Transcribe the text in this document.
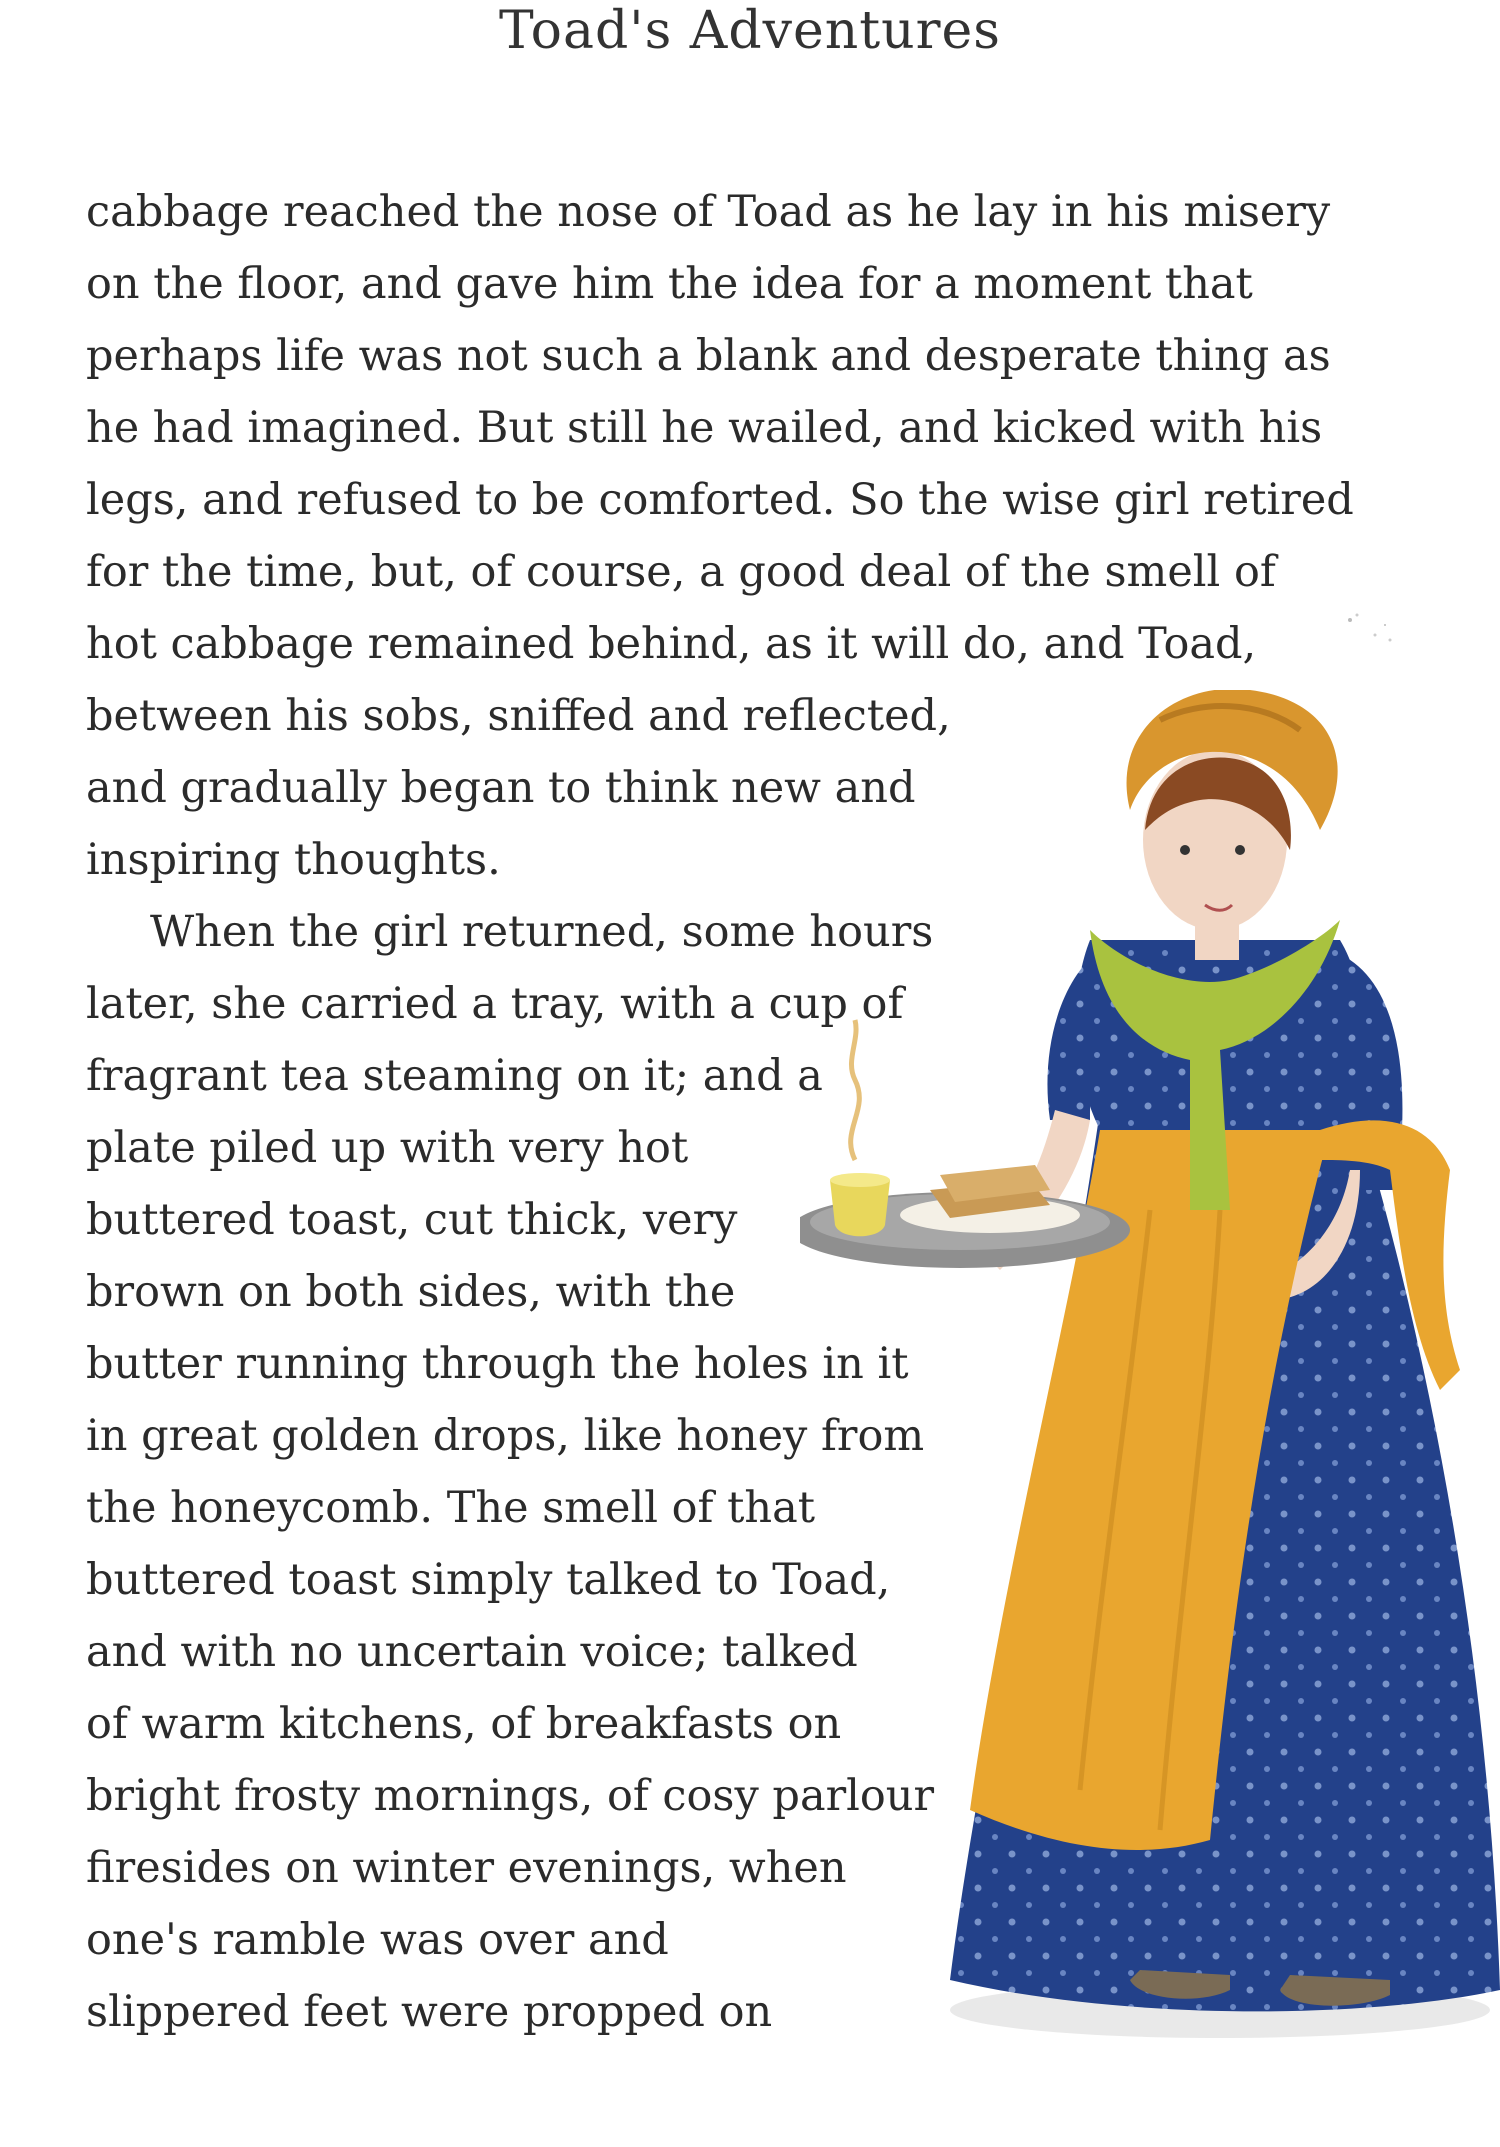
Toad's Adventures
cabbage reached the nose of Toad as he lay in his misery
on the floor, and gave him the idea for a moment that
perhaps life was not such a blank and desperate thing as
he had imagined. But still he wailed, and kicked with his
legs, and refused to be comforted. So the wise girl retired
for the time, but, of course, a good deal of the smell of
hot cabbage remained behind, as it will do, and Toad,
between his sobs, sniffed and reflected,
and gradually began to think new and
inspiring thoughts.
When the girl returned, some hours
later, she carried a tray, with a cup of
fragrant tea steaming on it; and a
plate piled up with very hot
buttered toast, cut thick, very
brown on both sides, with the
butter running through the holes in it
in great golden drops, like honey from
the honeycomb. The smell of that
buttered toast simply talked to Toad,
and with no uncertain voice; talked
of warm kitchens, of breakfasts on
bright frosty mornings, of cosy parlour
firesides on winter evenings, when
one's ramble was over and
slippered feet were propped on
